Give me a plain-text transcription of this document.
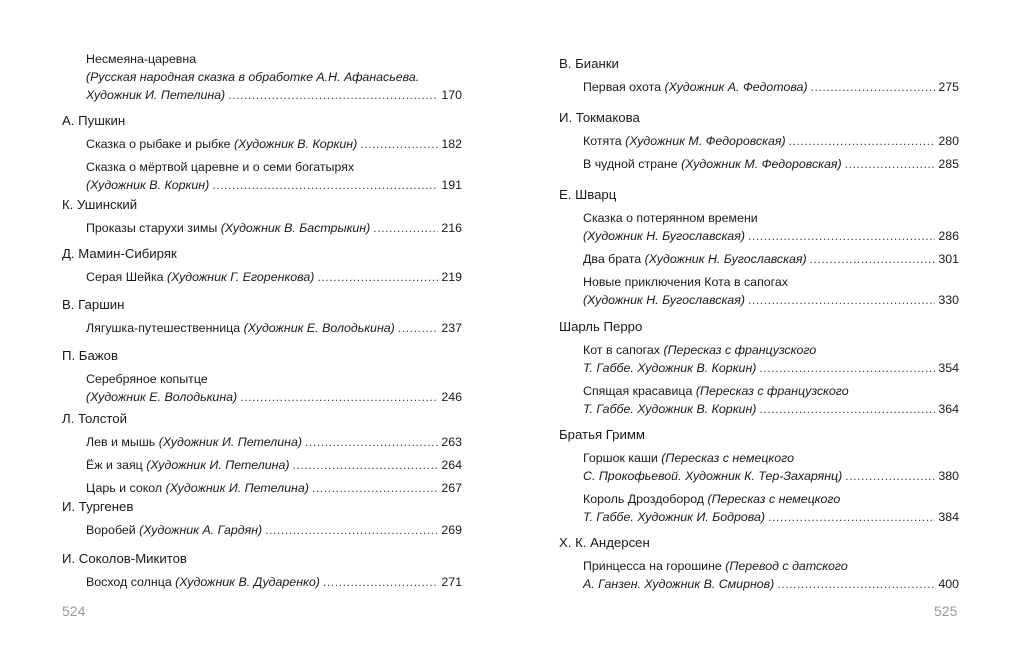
Несмеяна-царевна
(Русская народная сказка в обработке А.Н. Афанасьева.
Художник И. Петелина) .....	170
А. Пушкин
Сказка о рыбаке и рыбке (Художник В. Коркин) .....	182
Сказка о мёртвой царевне и о семи богатырях
(Художник В. Коркин) .....	191
К. Ушинский
Проказы старухи зимы (Художник В. Бастрыкин) .....	216
Д. Мамин-Сибиряк
Серая Шейка (Художник Г. Егоренкова) .....	219
В. Гаршин
Лягушка-путешественница (Художник Е. Володькина) .....	237
П. Бажов
Серебряное копытце
(Художник Е. Володькина) .....	246
Л. Толстой
Лев и мышь (Художник И. Петелина) .....	263
Ёж и заяц (Художник И. Петелина) .....	264
Царь и сокол (Художник И. Петелина) .....	267
И. Тургенев
Воробей (Художник А. Гардян) .....	269
И. Соколов-Микитов
Восход солнца (Художник В. Дударенко) .....	271
В. Бианки
Первая охота (Художник А. Федотова) .....	275
И. Токмакова
Котята (Художник М. Федоровская) .....	280
В чудной стране (Художник М. Федоровская) .....	285
Е. Шварц
Сказка о потерянном времени
(Художник Н. Бугославская) .....	286
Два брата (Художник Н. Бугославская) .....	301
Новые приключения Кота в сапогах
(Художник Н. Бугославская) .....	330
Шарль Перро
Кот в сапогах (Пересказ с французского
Т. Габбе. Художник В. Коркин) .....	354
Спящая красавица (Пересказ с французского
Т. Габбе. Художник В. Коркин) .....	364
Братья Гримм
Горшок каши (Пересказ с немецкого
С. Прокофьевой. Художник К. Тер-Захарянц) .....	380
Король Дроздобород (Пересказ с немецкого
Т. Габбе. Художник И. Бодрова) .....	384
Х. К. Андерсен
Принцесса на горошине (Перевод с датского
А. Ганзен. Художник В. Смирнов) .....	400
524	525
